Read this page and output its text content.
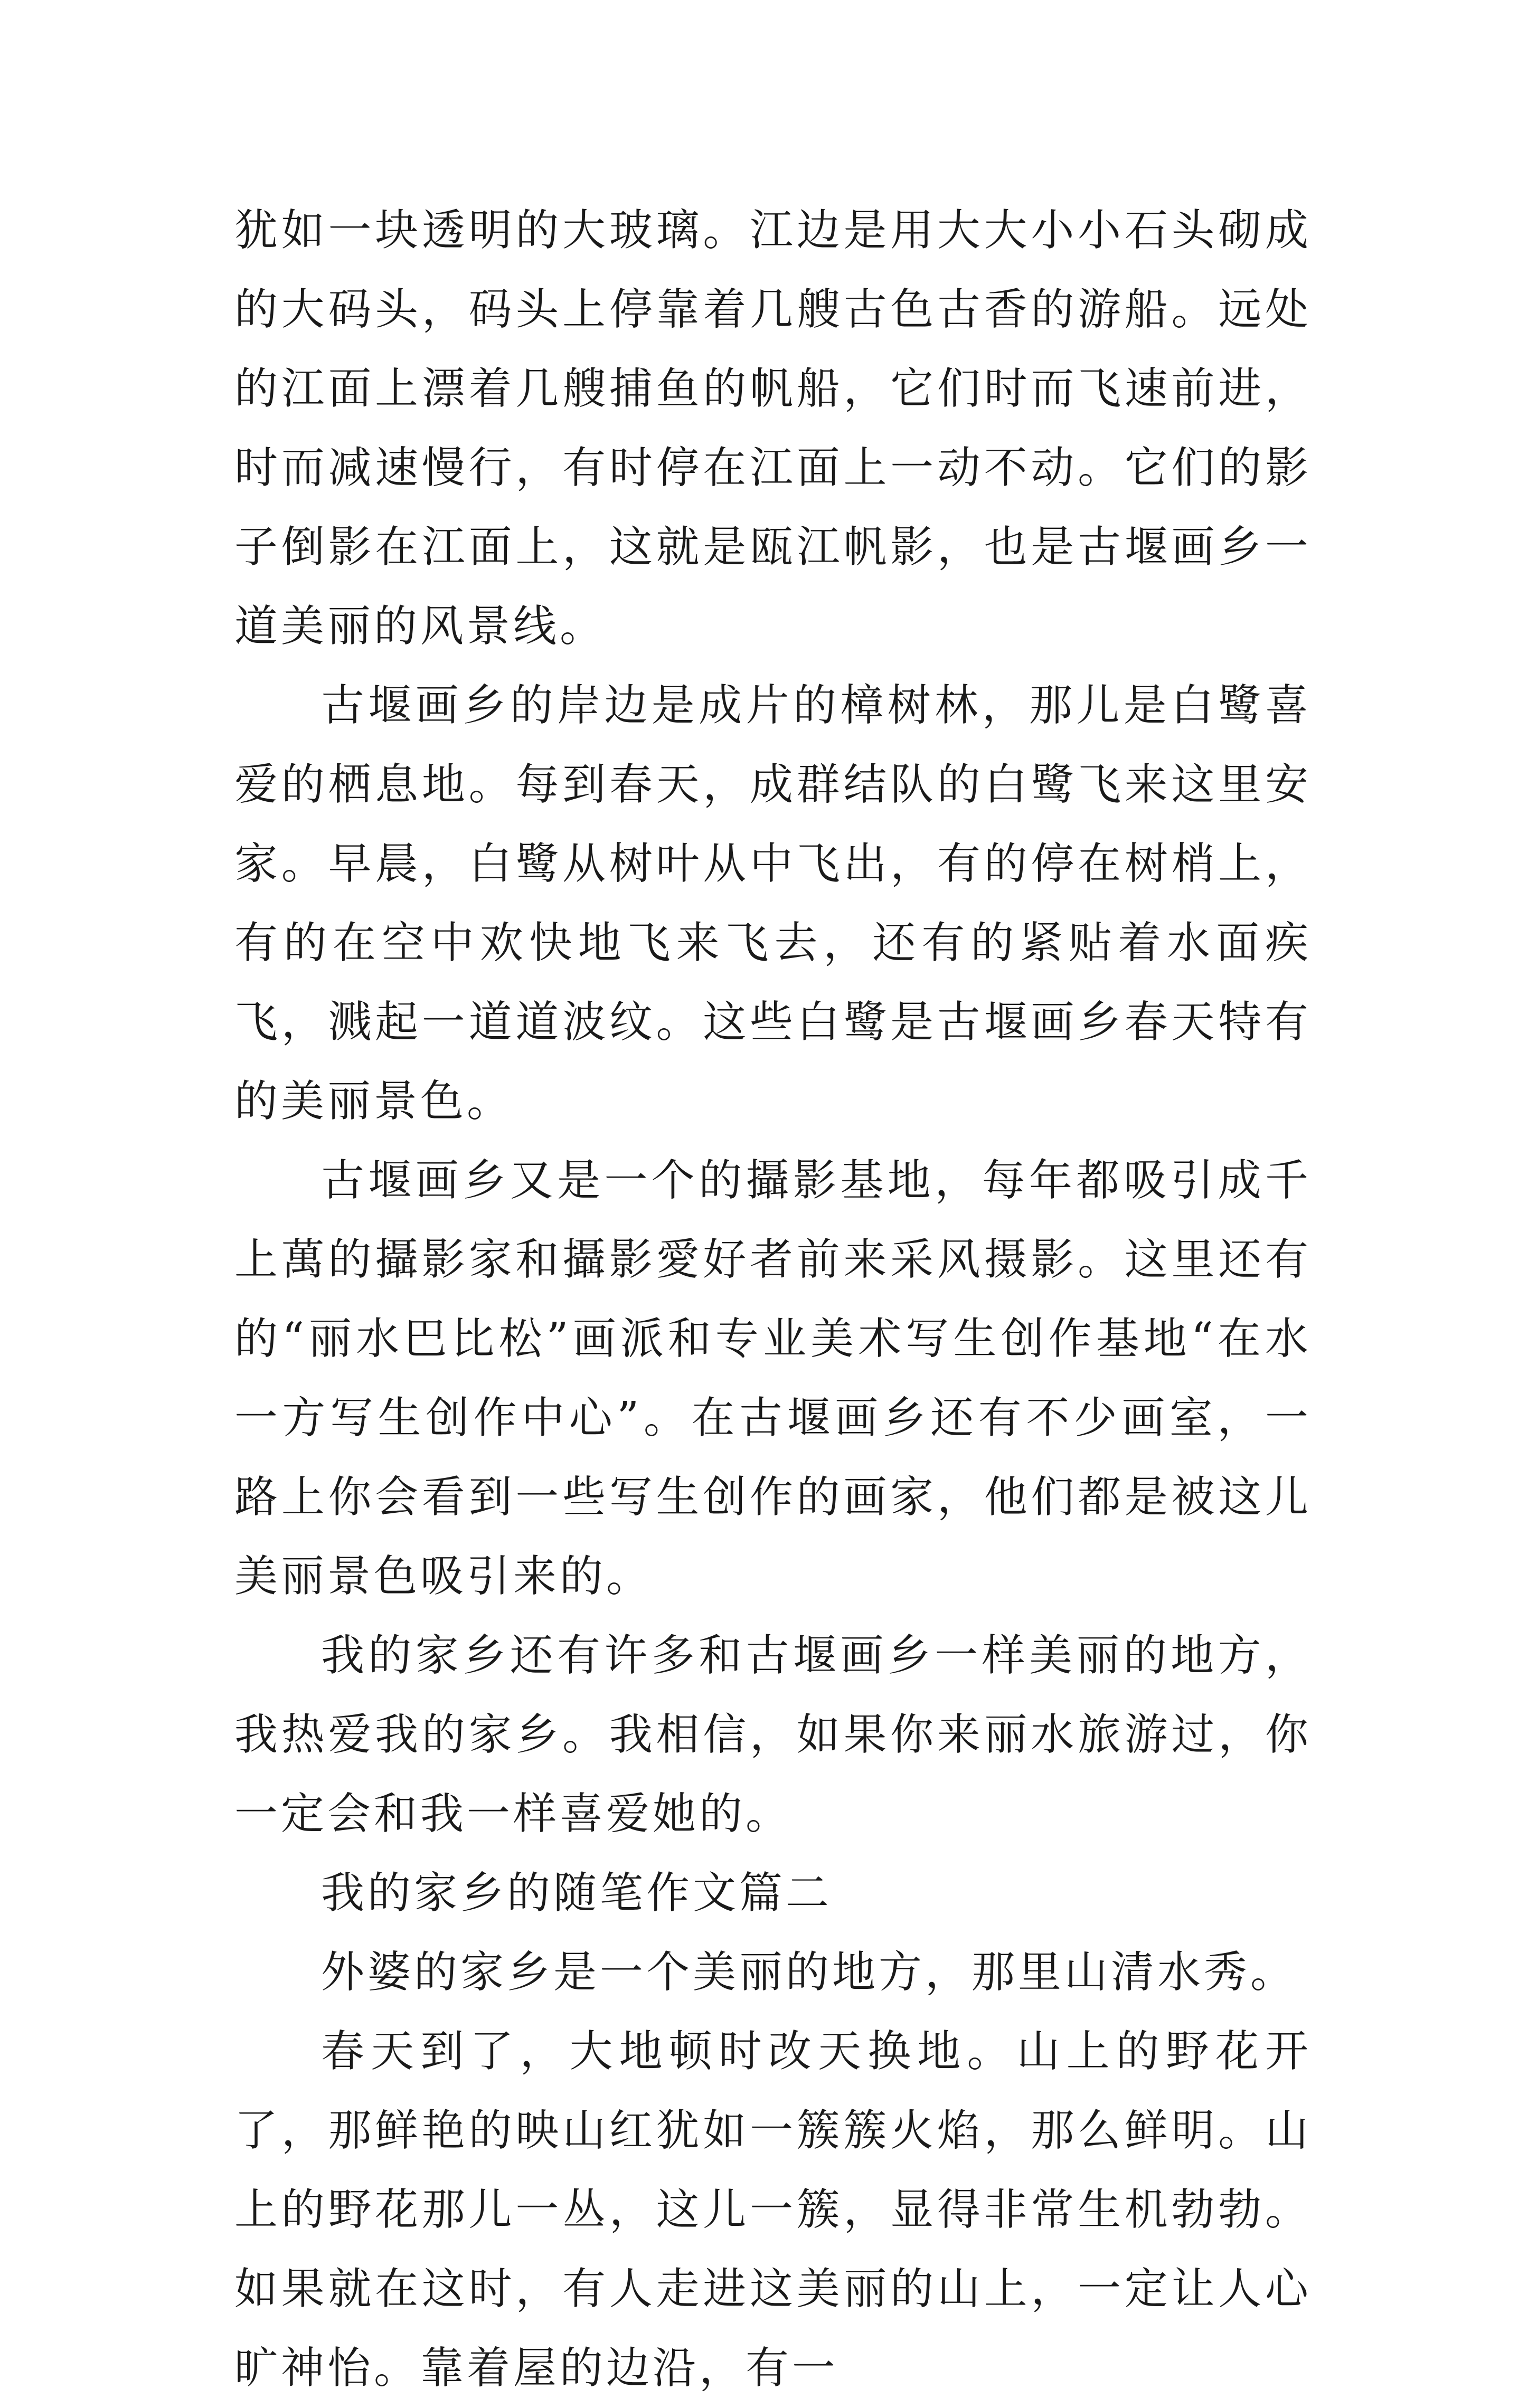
犹如一块透明的大玻璃。江边是用大大小小石头砌成的大码头，码头上停靠着几艘古色古香的游船。远处的江面上漂着几艘捕鱼的帆船，它们时而飞速前进，时而减速慢行，有时停在江面上一动不动。它们的影子倒影在江面上，这就是瓯江帆影，也是古堰画乡一道美丽的风景线。

古堰画乡的岸边是成片的樟树林，那儿是白鹭喜爱的栖息地。每到春天，成群结队的白鹭飞来这里安家。早晨，白鹭从树叶从中飞出，有的停在树梢上，有的在空中欢快地飞来飞去，还有的紧贴着水面疾飞，溅起一道道波纹。这些白鹭是古堰画乡春天特有的美丽景色。

古堰画乡又是一个的攝影基地，每年都吸引成千上萬的攝影家和攝影愛好者前来采风摄影。这里还有的“丽水巴比松”画派和专业美术写生创作基地“在水一方写生创作中心”。在古堰画乡还有不少画室，一路上你会看到一些写生创作的画家，他们都是被这儿美丽景色吸引来的。

我的家乡还有许多和古堰画乡一样美丽的地方，我热爱我的家乡。我相信，如果你来丽水旅游过，你一定会和我一样喜爱她的。

我的家乡的随笔作文篇二

外婆的家乡是一个美丽的地方，那里山清水秀。

春天到了，大地顿时改天换地。山上的野花开了，那鲜艳的映山红犹如一簇簇火焰，那么鲜明。山上的野花那儿一丛，这儿一簇，显得非常生机勃勃。如果就在这时，有人走进这美丽的山上，一定让人心旷神怡。靠着屋的边沿，有一
